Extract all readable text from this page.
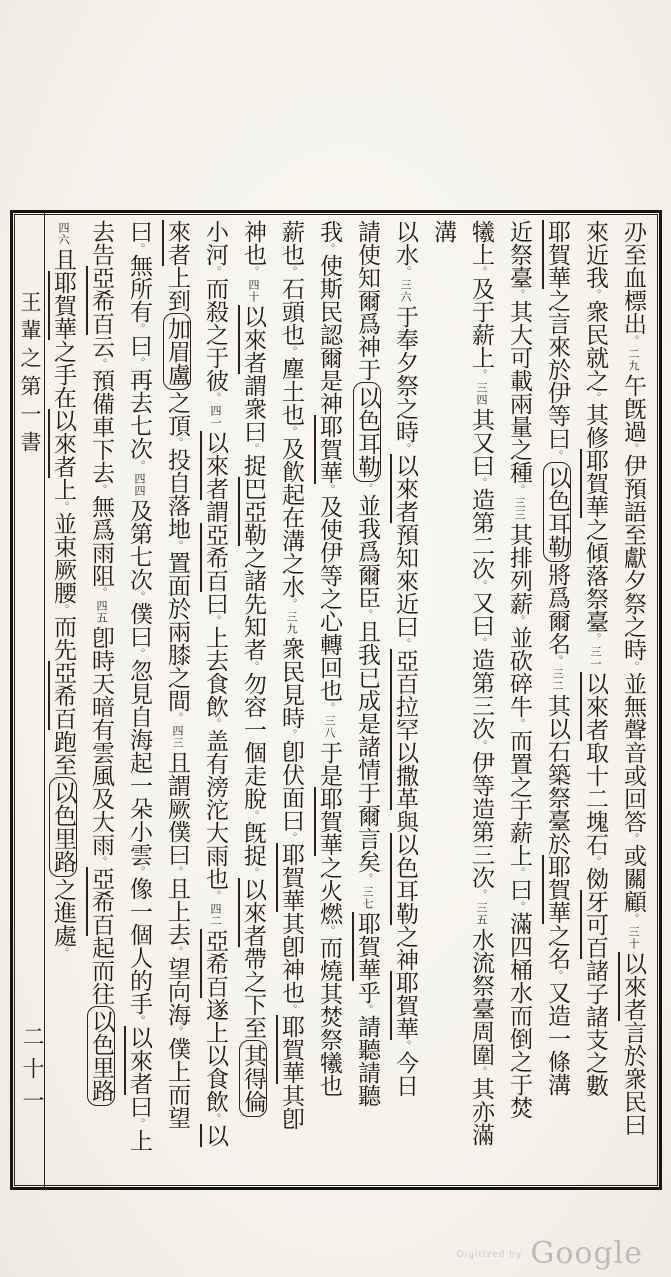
王輩之第一書
二十一
刅至血標出。二九午旣過。伊預語至獻夕祭之時。並無聲音或回答。或關顧。三十以來者言於衆民曰
來近我。衆民就之。其修耶賀華之傾落祭臺。三一以來者取十二塊石。俲牙可百諸子諸支之數
耶賀華之言來於伊等曰。以色耳勒將爲爾名。三二其以石築祭臺於耶賀華之名。又造一條溝
近祭臺。其大可載兩量之種。三三其排列薪。並砍碎牛。而置之于薪上。曰。滿四桶水而倒之于焚
犧上。及于薪上。三四其又曰。造第二次。又曰。造第三次。伊等造第三次。三五水流祭臺周圍。其亦滿溝
以水。三六于奉夕祭之時。以來者預知來近曰。亞百拉罕以撒革與以色耳勒之神耶賀華。今日
請使知爾爲神于以色耳勒。並我爲爾臣。且我已成是諸情于爾言矣。三七耶賀華乎。請聽請聽
我。使斯民認爾是神耶賀華。及使伊等之心轉回也。三八于是耶賀華之火燃。而燒其焚祭犧也
薪也。石頭也。塵土也。及飮起在溝之水。三九衆民見時。卽伏面曰。耶賀華其卽神也。耶賀華其卽
神也。四十以來者謂衆曰。捉巴亞勒之諸先知者。勿容一個走脫。旣捉。以來者帶之下至其得倫
小河。而殺之于彼。四一以來者謂亞希百曰。上去食飲。盖有滂沱大雨也。四二亞希百遂上以食飲。以
來者上到加眉盧之頂。投自落地。置面於兩膝之間。四三且謂厥僕曰。且上去。望向海。僕上而望
曰。無所有。曰。再去七次。四四及第七次。僕曰。忽見自海起一朵小雲。像一個人的手。以來者曰。上
去告亞希百云。預備車下去。無爲雨阻。四五卽時天暗有雲風及大雨。亞希百起而往以色里路
四六且耶賀華之手在以來者上。並束厥腰。而先亞希百跑至以色里路之進處。
$^{Digitized by}$ Google
